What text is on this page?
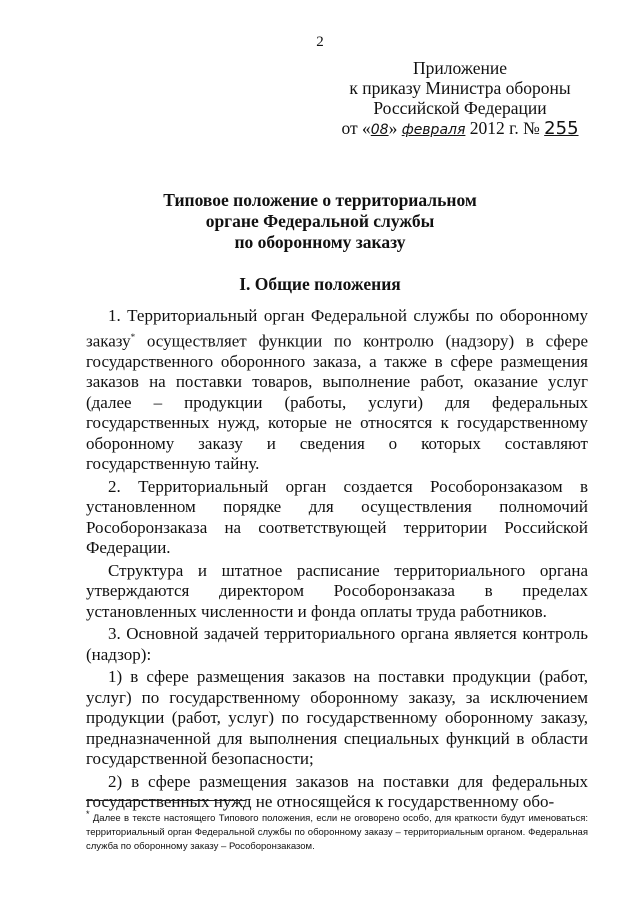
2
Приложение
к приказу Министра обороны
Российской Федерации
от «08» февраля 2012 г. № 255
Типовое положение о территориальном
органе Федеральной службы
по оборонному заказу
I. Общие положения

1. Территориальный орган Федеральной службы по оборонному заказу* осуществляет функции по контролю (надзору) в сфере государственного оборонного заказа, а также в сфере размещения заказов на поставки товаров, выполнение работ, оказание услуг (далее – продукции (работы, услуги) для федеральных государственных нужд, которые не относятся к государственному оборонному заказу и сведения о которых составляют государственную тайну.

2. Территориальный орган создается Рособоронзаказом в установленном порядке для осуществления полномочий Рособоронзаказа на соответствующей территории Российской Федерации.

Структура и штатное расписание территориального органа утверждаются директором Рособоронзаказа в пределах установленных численности и фонда оплаты труда работников.

3. Основной задачей территориального органа является контроль (надзор):

1) в сфере размещения заказов на поставки продукции (работ, услуг) по государственному оборонному заказу, за исключением продукции (работ, услуг) по государственному оборонному заказу, предназначенной для выполнения специальных функций в области государственной безопасности;

2) в сфере размещения заказов на поставки для федеральных государственных нужд не относящейся к государственному обо-

* Далее в тексте настоящего Типового положения, если не оговорено особо, для краткости будут именоваться: территориальный орган Федеральной службы по оборонному заказу – территориальным органом. Федеральная служба по оборонному заказу – Рособоронзаказом.
